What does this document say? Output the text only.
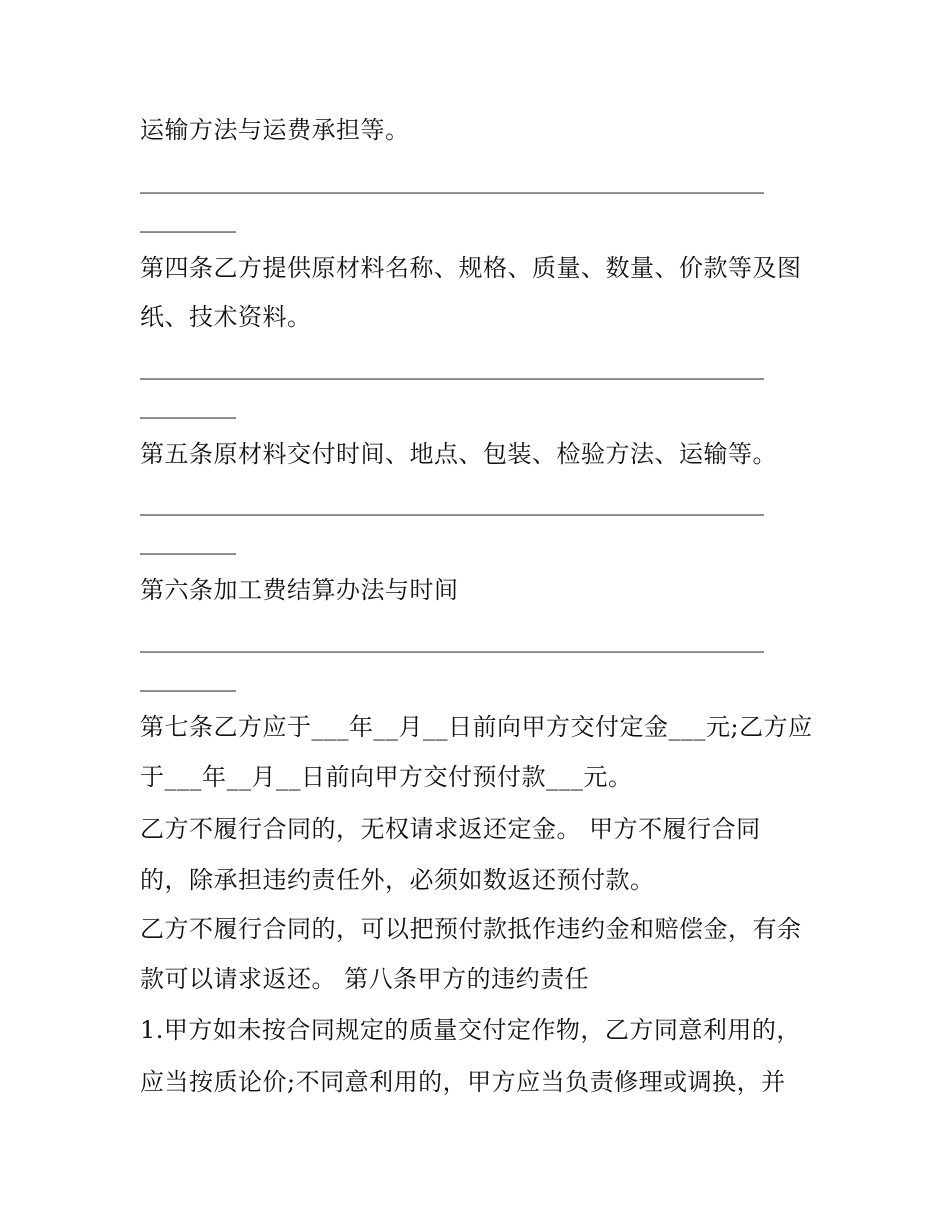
运输方法与运费承担等。
____________________________________________________
________
第四条乙方提供原材料名称、规格、质量、数量、价款等及图
纸、技术资料。
____________________________________________________
________
第五条原材料交付时间、地点、包装、检验方法、运输等。
____________________________________________________
________
第六条加工费结算办法与时间
____________________________________________________
________
第七条乙方应于___年__月__日前向甲方交付定金___元;乙方应
于___年__月__日前向甲方交付预付款___元。
乙方不履行合同的，无权请求返还定金。 甲方不履行合同
的，除承担违约责任外，必须如数返还预付款。
乙方不履行合同的，可以把预付款抵作违约金和赔偿金，有余
款可以请求返还。 第八条甲方的违约责任
1.甲方如未按合同规定的质量交付定作物，乙方同意利用的，
应当按质论价;不同意利用的，甲方应当负责修理或调换，并
